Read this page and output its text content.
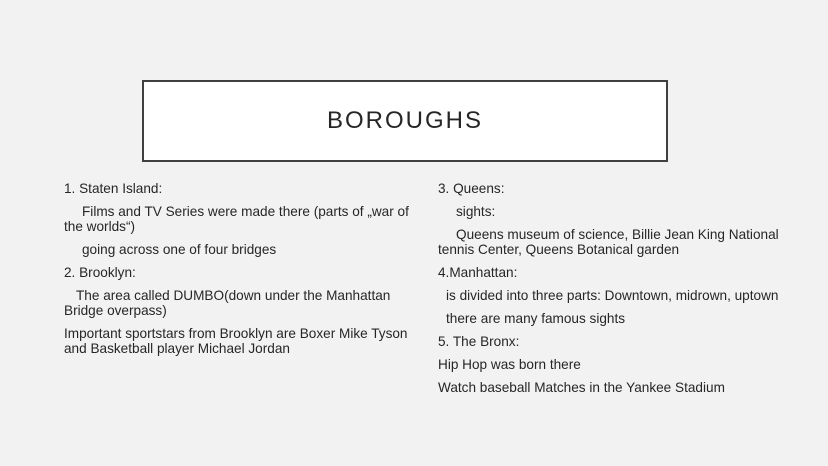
BOROUGHS

1. Staten Island:

Films and TV Series were made there (parts of „war of the worlds“)

going across one of four bridges

2. Brooklyn:

The area called DUMBO(down under the Manhattan Bridge overpass)

Important sportstars from Brooklyn are Boxer Mike Tyson and Basketball player Michael Jordan

3. Queens:

sights:

Queens museum of science, Billie Jean King National tennis Center, Queens Botanical garden

4.Manhattan:

is divided into three parts: Downtown, midrown, uptown

there are many famous sights

5. The Bronx:

Hip Hop was born there

Watch baseball Matches in the Yankee Stadium
